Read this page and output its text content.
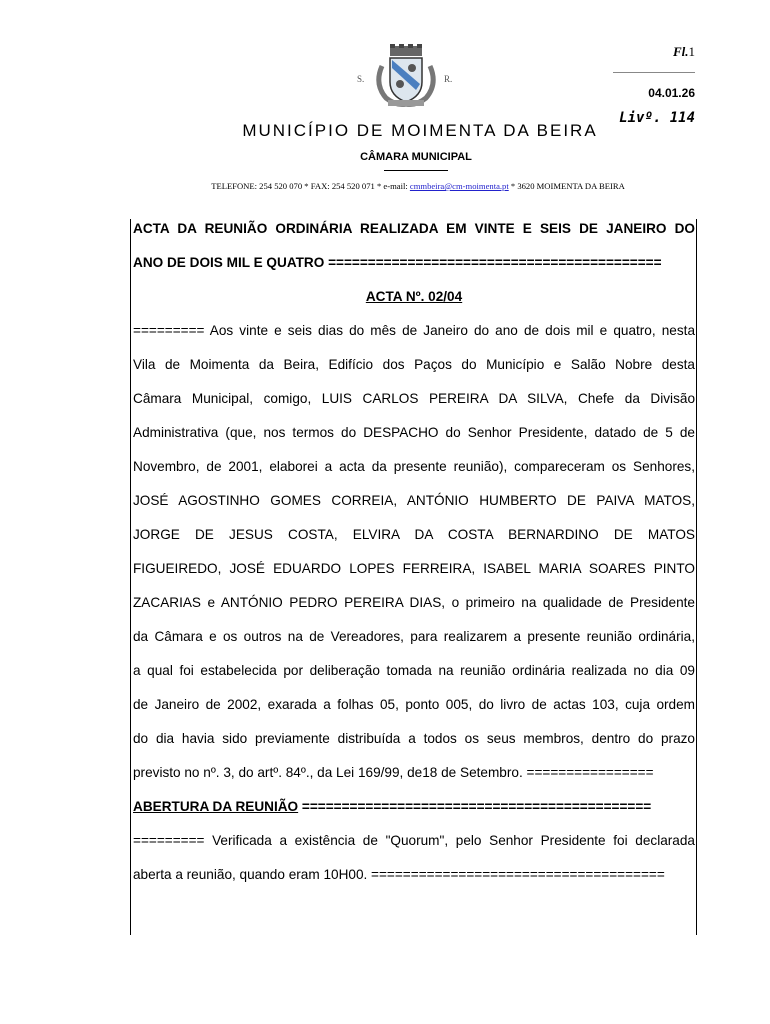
S.	R.
Fl.1
04.01.26
Livº. 114
MUNICÍPIO DE MOIMENTA DA BEIRA
CÂMARA MUNICIPAL
TELEFONE: 254 520 070 * FAX: 254 520 071 * e-mail: cmmbeira@cm-moimenta.pt * 3620 MOIMENTA DA BEIRA
ACTA DA REUNIÃO ORDINÁRIA REALIZADA EM VINTE E SEIS DE JANEIRO DO
ANO DE DOIS MIL E QUATRO ==========================================
ACTA Nº. 02/04
========= Aos vinte e seis dias do mês de Janeiro do ano de dois mil e quatro, nesta
Vila de Moimenta da Beira, Edifício dos Paços do Município e Salão Nobre desta
Câmara Municipal, comigo, LUIS CARLOS PEREIRA DA SILVA, Chefe da Divisão
Administrativa (que, nos termos do DESPACHO do Senhor Presidente, datado de 5 de
Novembro, de 2001, elaborei a acta da presente reunião), compareceram os Senhores,
JOSÉ AGOSTINHO GOMES CORREIA, ANTÓNIO HUMBERTO DE PAIVA MATOS,
JORGE DE JESUS COSTA, ELVIRA DA COSTA BERNARDINO DE MATOS
FIGUEIREDO, JOSÉ EDUARDO LOPES FERREIRA, ISABEL MARIA SOARES PINTO
ZACARIAS e ANTÓNIO PEDRO PEREIRA DIAS, o primeiro na qualidade de Presidente
da Câmara e os outros na de Vereadores, para realizarem a presente reunião ordinária,
a qual foi estabelecida por deliberação tomada na reunião ordinária realizada no dia 09
de Janeiro de 2002, exarada a folhas 05, ponto 005, do livro de actas 103, cuja ordem
do dia havia sido previamente distribuída a todos os seus membros, dentro do prazo
previsto no nº. 3, do artº. 84º., da Lei 169/99, de18 de Setembro. ================
ABERTURA DA REUNIÃO ============================================
========= Verificada a existência de "Quorum", pelo Senhor Presidente foi declarada
aberta a reunião, quando eram 10H00. =====================================
